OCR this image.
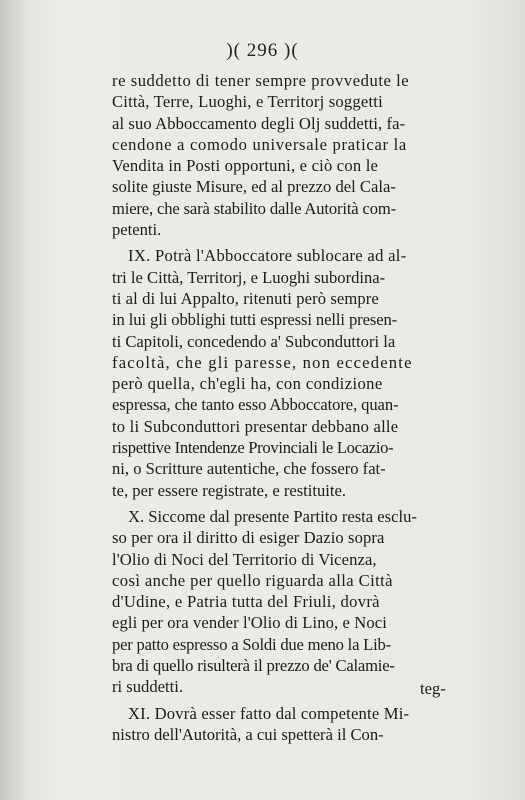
)( 296 )(
re suddetto di tener sempre provvedute le
Città, Terre, Luoghi, e Territorj soggetti
al suo Abboccamento degli Olj suddetti, fa-
cendone a comodo universale praticar la
Vendita in Posti opportuni, e ciò con le
solite giuste Misure, ed al prezzo del Cala-
miere, che sarà stabilito dalle Autorità com-
petenti.
IX. Potrà l'Abboccatore sublocare ad al-
tri le Città, Territorj, e Luoghi subordina-
ti al di lui Appalto, ritenuti però sempre
in lui gli obblighi tutti espressi nelli presen-
ti Capitoli, concedendo a' Subconduttori la
facoltà, che gli paresse, non eccedente
però quella, ch'egli ha, con condizione
espressa, che tanto esso Abboccatore, quan-
to li Subconduttori presentar debbano alle
rispettive Intendenze Provinciali le Locazio-
ni, o Scritture autentiche, che fossero fat-
te, per essere registrate, e restituite.
X. Siccome dal presente Partito resta esclu-
so per ora il diritto di esiger Dazio sopra
l'Olio di Noci del Territorio di Vicenza,
così anche per quello riguarda alla Città
d'Udine, e Patria tutta del Friuli, dovrà
egli per ora vender l'Olio di Lino, e Noci
per patto espresso a Soldi due meno la Lib-
bra di quello risulterà il prezzo de' Calamie-
ri suddetti.
XI. Dovrà esser fatto dal competente Mi-
nistro dell'Autorità, a cui spetterà il Con-
teg-
